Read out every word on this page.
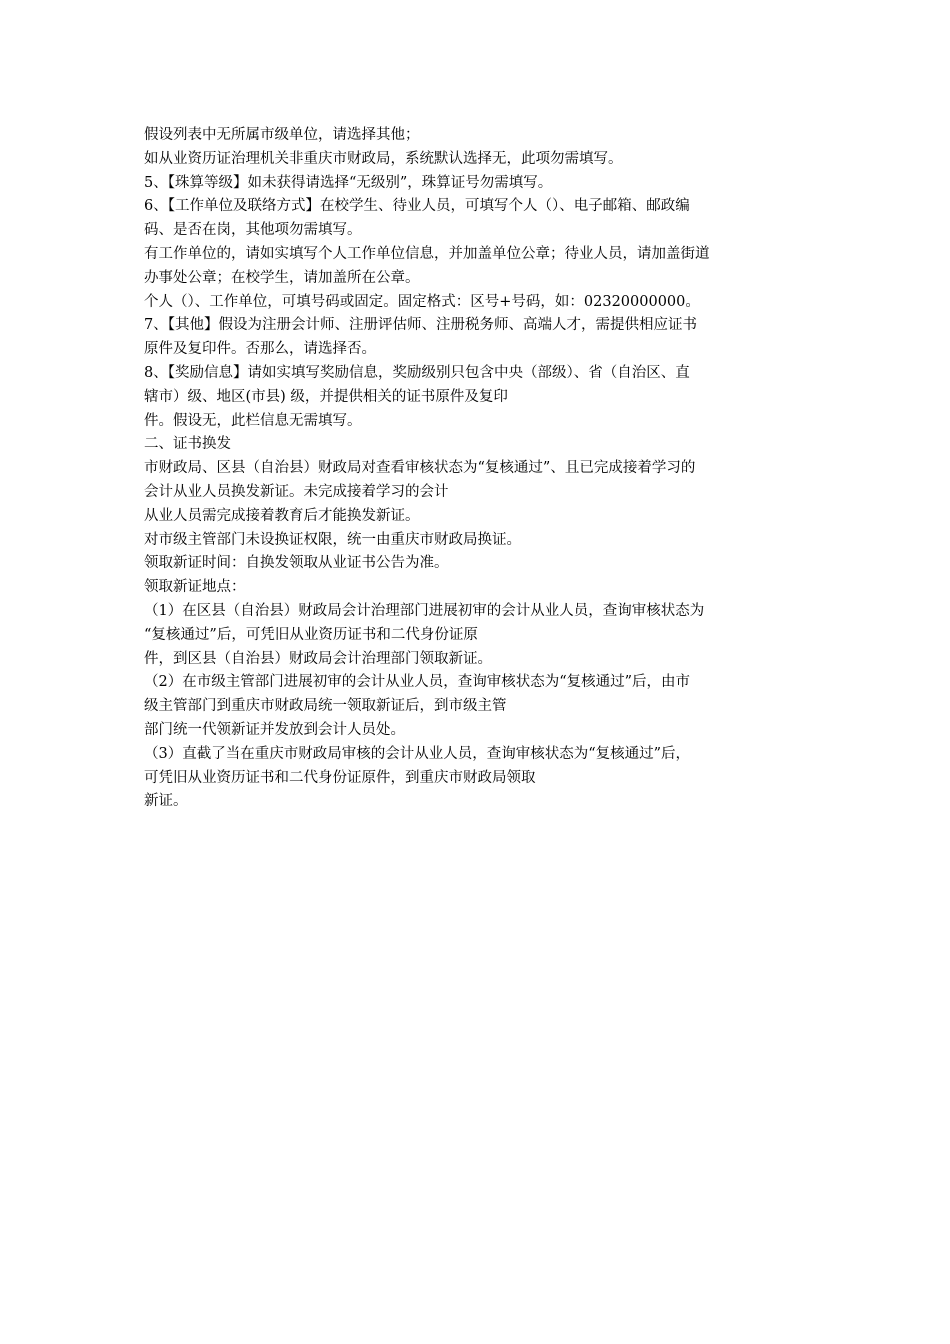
假设列表中无所属市级单位，请选择其他；
如从业资历证治理机关非重庆市财政局，系统默认选择无，此项勿需填写。
5、【珠算等级】如未获得请选择“无级别”，珠算证号勿需填写。
6、【工作单位及联络方式】在校学生、待业人员，可填写个人（）、电子邮箱、邮政编
码、是否在岗，其他项勿需填写。
有工作单位的，请如实填写个人工作单位信息，并加盖单位公章；待业人员，请加盖街道
办事处公章；在校学生，请加盖所在公章。
个人（）、工作单位，可填号码或固定。固定格式：区号+号码，如：02320000000。
7、【其他】假设为注册会计师、注册评估师、注册税务师、高端人才，需提供相应证书
原件及复印件。否那么，请选择否。
8、【奖励信息】请如实填写奖励信息，奖励级别只包含中央（部级）、省（自治区、直
辖市）级、地区(市县) 级，并提供相关的证书原件及复印
件。假设无，此栏信息无需填写。
二、证书换发
市财政局、区县（自治县）财政局对查看审核状态为“复核通过”、且已完成接着学习的
会计从业人员换发新证。未完成接着学习的会计
从业人员需完成接着教育后才能换发新证。
对市级主管部门未设换证权限，统一由重庆市财政局换证。
领取新证时间：自换发领取从业证书公告为准。
领取新证地点：
（1）在区县（自治县）财政局会计治理部门进展初审的会计从业人员，查询审核状态为
“复核通过”后，可凭旧从业资历证书和二代身份证原
件，到区县（自治县）财政局会计治理部门领取新证。
（2）在市级主管部门进展初审的会计从业人员，查询审核状态为“复核通过”后，由市
级主管部门到重庆市财政局统一领取新证后，到市级主管
部门统一代领新证并发放到会计人员处。
（3）直截了当在重庆市财政局审核的会计从业人员，查询审核状态为“复核通过”后，
可凭旧从业资历证书和二代身份证原件，到重庆市财政局领取
新证。
